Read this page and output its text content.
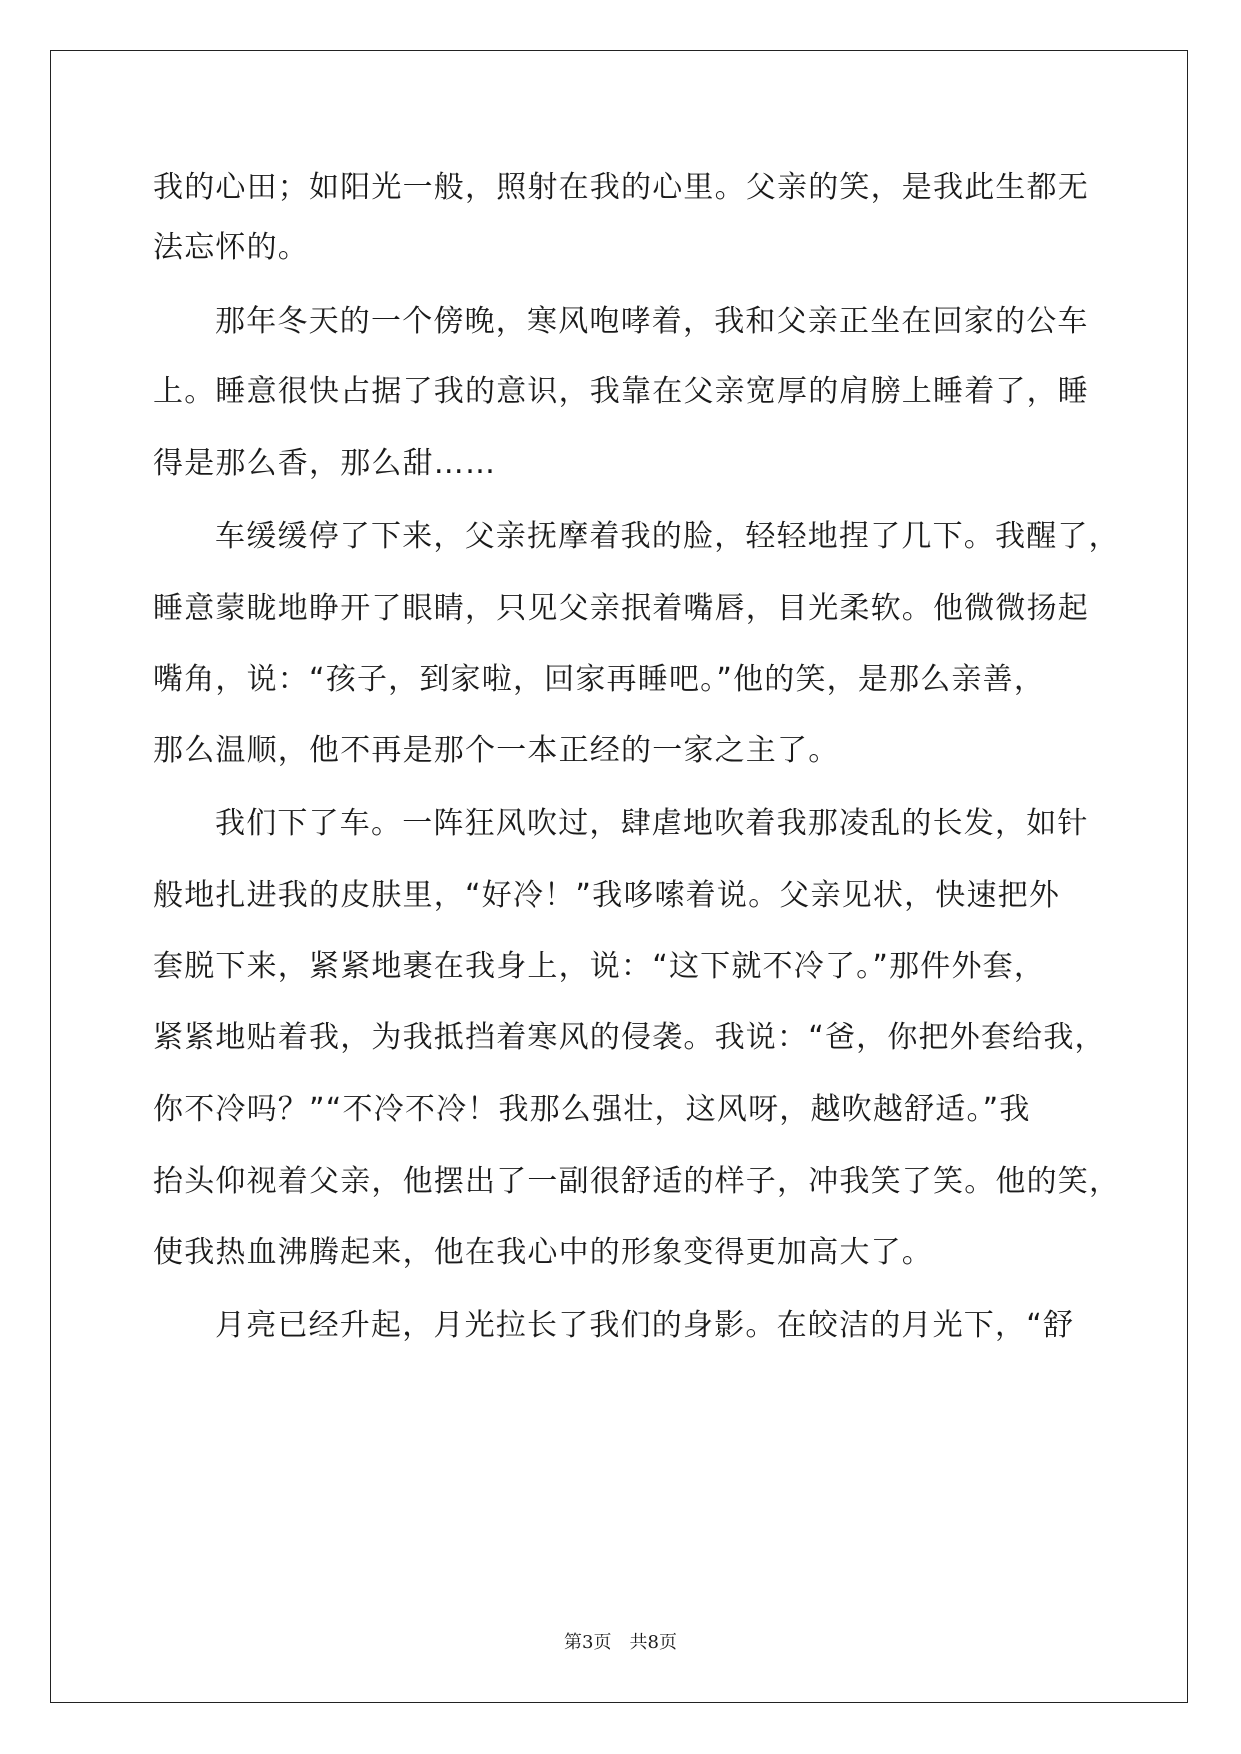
我的心田；如阳光一般，照射在我的心里。父亲的笑，是我此生都无
法忘怀的。
那年冬天的一个傍晚，寒风咆哮着，我和父亲正坐在回家的公车
上。睡意很快占据了我的意识，我靠在父亲宽厚的肩膀上睡着了，睡
得是那么香，那么甜……
车缓缓停了下来，父亲抚摩着我的脸，轻轻地捏了几下。我醒了，
睡意蒙眬地睁开了眼睛，只见父亲抿着嘴唇，目光柔软。他微微扬起
嘴角，说：“孩子，到家啦，回家再睡吧。”他的笑，是那么亲善，
那么温顺，他不再是那个一本正经的一家之主了。
我们下了车。一阵狂风吹过，肆虐地吹着我那凌乱的长发，如针
般地扎进我的皮肤里，“好冷！”我哆嗦着说。父亲见状，快速把外
套脱下来，紧紧地裹在我身上，说：“这下就不冷了。”那件外套，
紧紧地贴着我，为我抵挡着寒风的侵袭。我说：“爸，你把外套给我，
你不冷吗？”“不冷不冷！我那么强壮，这风呀，越吹越舒适。”我
抬头仰视着父亲，他摆出了一副很舒适的样子，冲我笑了笑。他的笑，
使我热血沸腾起来，他在我心中的形象变得更加高大了。
月亮已经升起，月光拉长了我们的身影。在皎洁的月光下，“舒
第3页　共8页
